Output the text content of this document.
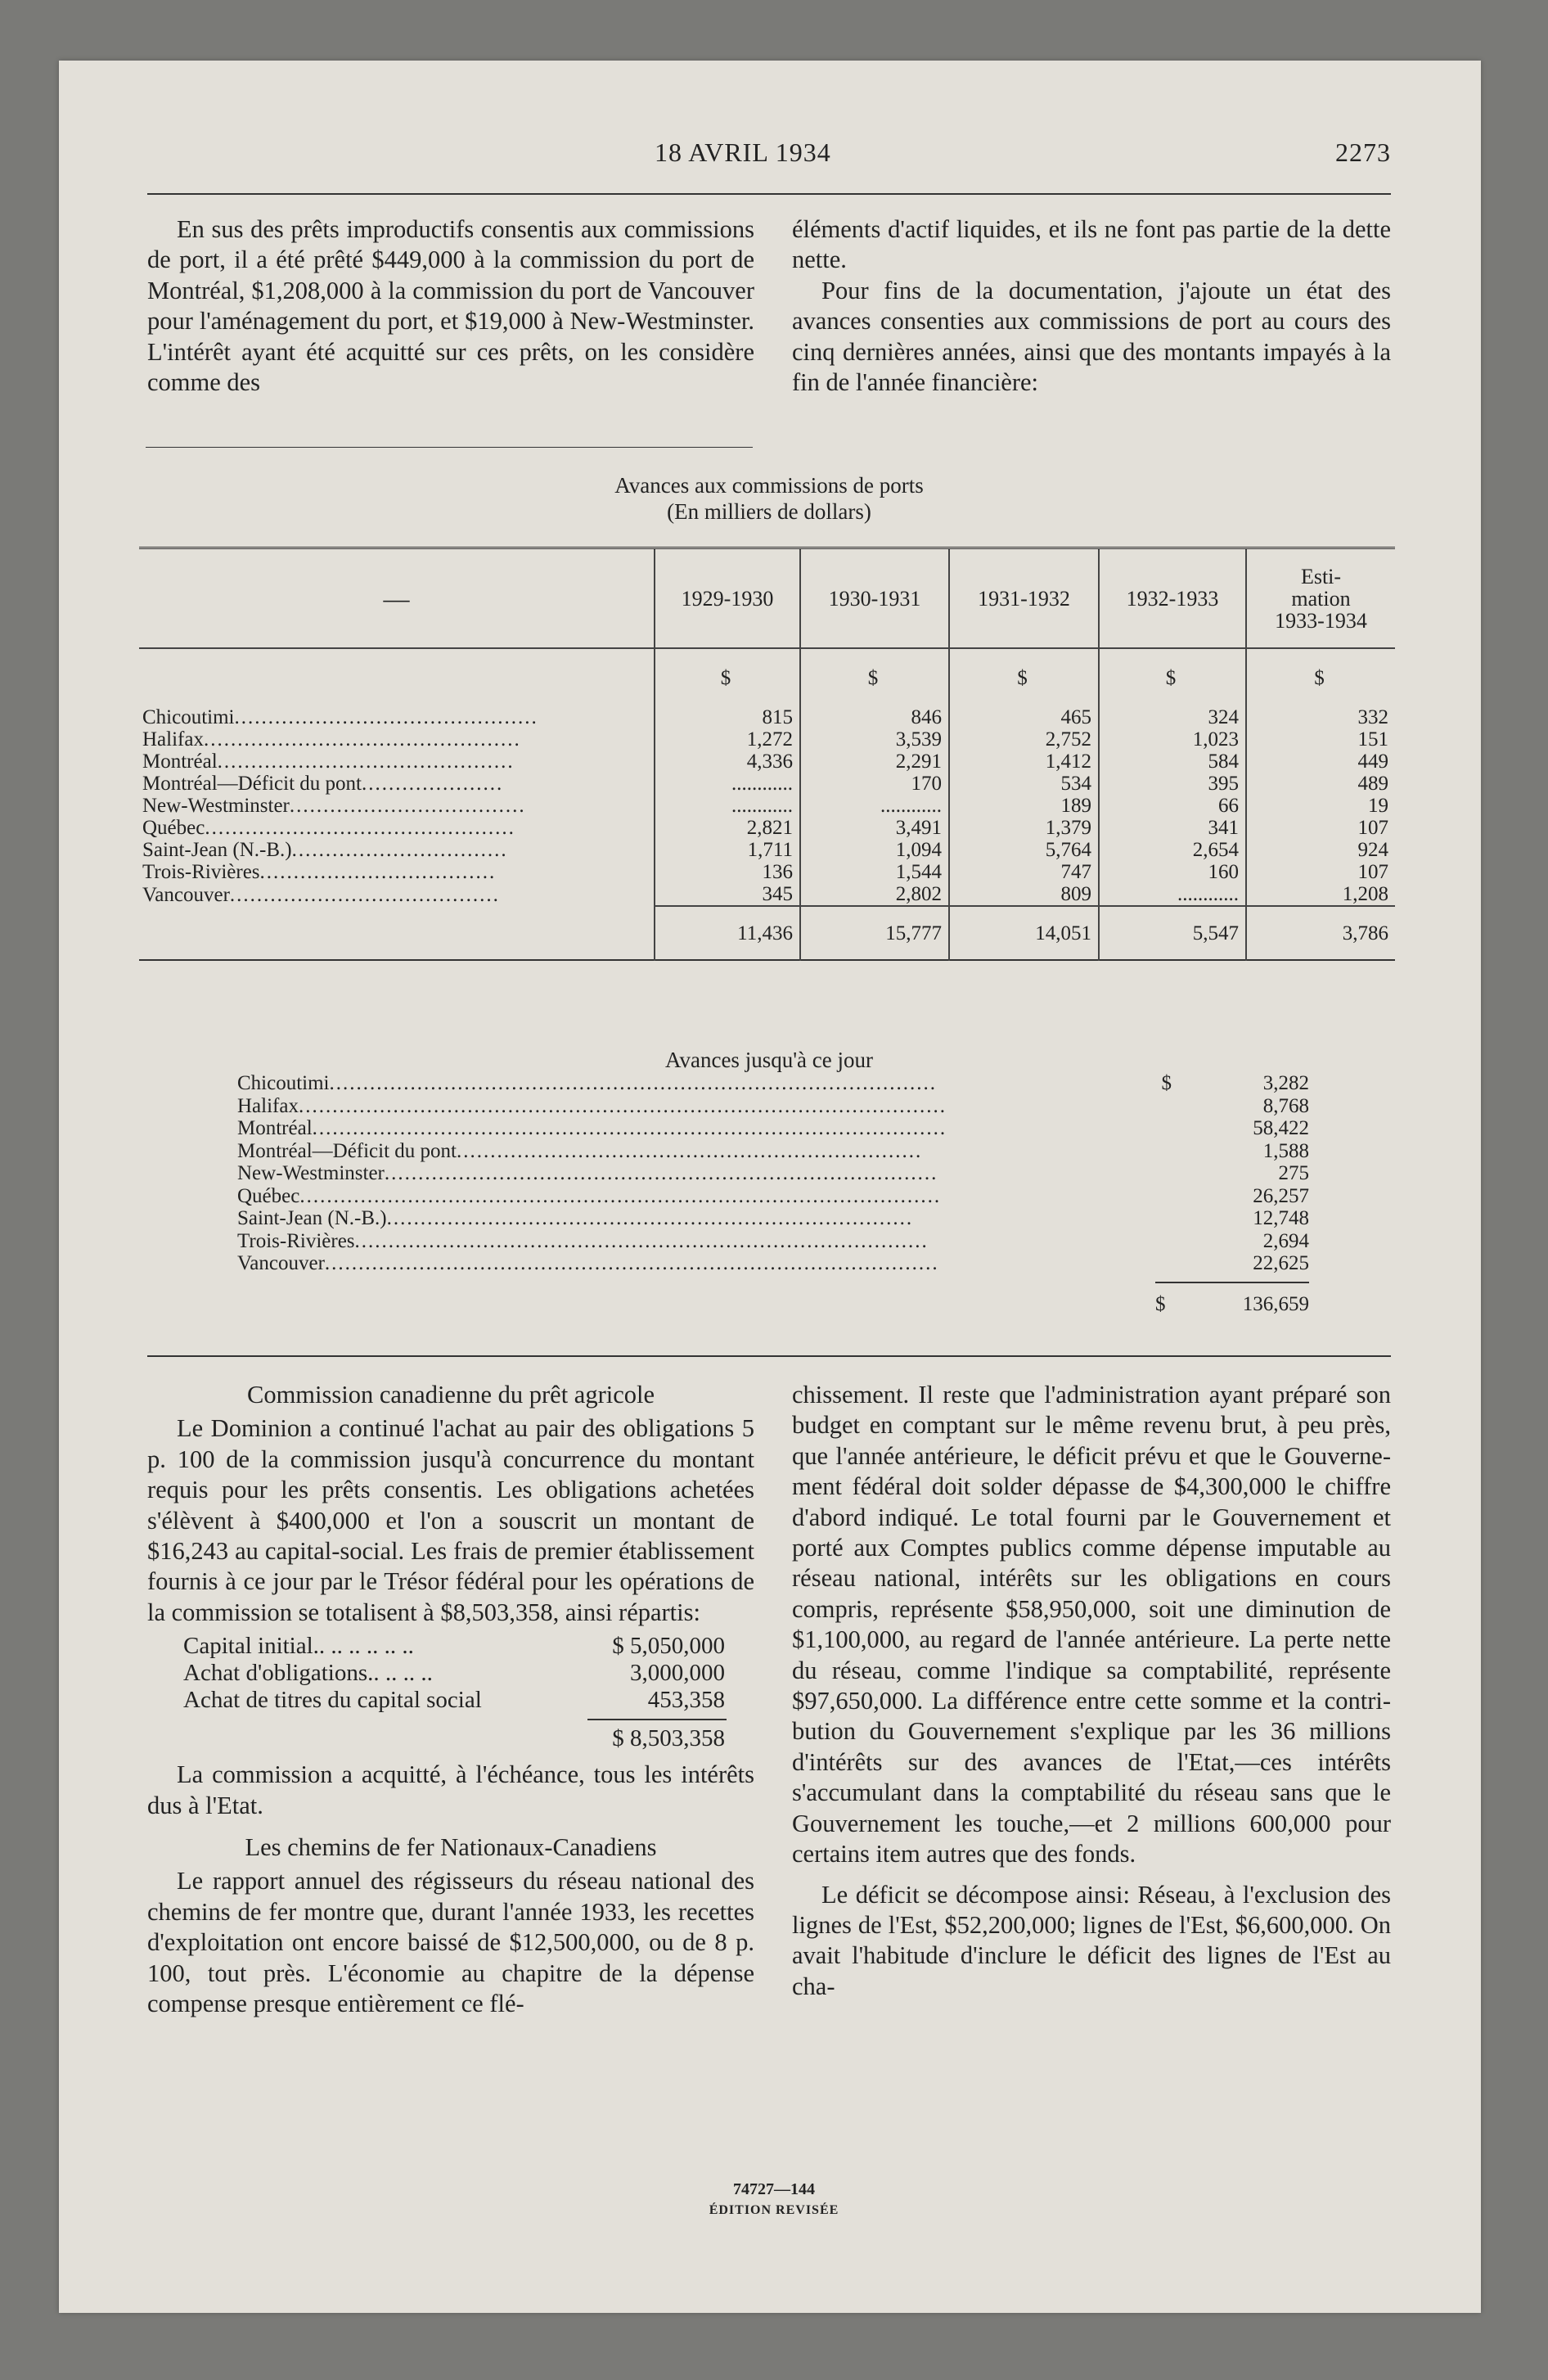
18 AVRIL 1934	2273

En sus des prêts improductifs consentis aux commissions de port, il a été prêté $449,000 à la commission du port de Montréal, $1,208,000 à la commission du port de Vancouver pour l'aménagement du port, et $19,000 à New-Westminster. L'intérêt ayant été acquitté sur ces prêts, on les considère comme des

éléments d'actif liquides, et ils ne font pas partie de la dette nette.

Pour fins de la documentation, j'ajoute un état des avances consenties aux commissions de port au cours des cinq dernières années, ainsi que des montants impayés à la fin de l'année financière:

Avances aux commissions de ports
(En milliers de dollars)
—	1929-1930	1930-1931	1931-1932	1932-1933	Esti-
mation
1933-1934
	$	$	$	$	$
Chicoutimi.............................................	815	846	465	324	332
Halifax...............................................	1,272	3,539	2,752	1,023	151
Montréal............................................	4,336	2,291	1,412	584	449
Montréal—Déficit du pont.....................	............	170	534	395	489
New-Westminster...................................	............	............	189	66	19
Québec..............................................	2,821	3,491	1,379	341	107
Saint-Jean (N.-B.)................................	1,711	1,094	5,764	2,654	924
Trois-Rivières...................................	136	1,544	747	160	107
Vancouver........................................	345	2,802	809	............	1,208
	11,436	15,777	14,051	5,547	3,786
Avances jusqu'à ce jour
Chicoutimi..........................................................................................	$	3,282
Halifax................................................................................................	8,768
Montréal..............................................................................................	58,422
Montréal—Déficit du pont.....................................................................	1,588
New-Westminster..................................................................................	275
Québec...............................................................................................	26,257
Saint-Jean (N.-B.)..............................................................................	12,748
Trois-Rivières.....................................................................................	2,694
Vancouver...........................................................................................	22,625
$	136,659

Commission canadienne du prêt agricole

Le Dominion a continué l'achat au pair des obligations 5 p. 100 de la commission jusqu'à concurrence du montant requis pour les prêts consentis. Les obligations achetées s'élèvent à $400,000 et l'on a souscrit un montant de $16,243 au capital-social. Les frais de premier établissement fournis à ce jour par le Trésor fédéral pour les opérations de la commission se totalisent à $8,503,358, ainsi répartis:

Capital initial.. .. .. .. .. ..	$ 5,050,000
Achat d'obligations.. .. .. ..	3,000,000
Achat de titres du capital social	453,358
$ 8,503,358

La commission a acquitté, à l'échéance, tous les intérêts dus à l'Etat.

Les chemins de fer Nationaux-Canadiens

Le rapport annuel des régisseurs du réseau national des chemins de fer montre que, durant l'année 1933, les recettes d'exploitation ont encore baissé de $12,500,000, ou de 8 p. 100, tout près. L'économie au chapitre de la dépense compense presque entièrement ce flé-

chissement. Il reste que l'administration ayant préparé son budget en comptant sur le même revenu brut, à peu près, que l'année antérieure, le déficit prévu et que le Gouvernement fédéral doit solder dépasse de $4,300,000 le chiffre d'abord indiqué. Le total fourni par le Gouvernement et porté aux Comptes publics comme dépense imputable au réseau national, intérêts sur les obligations en cours compris, représente $58,950,000, soit une diminution de $1,100,000, au regard de l'année antérieure. La perte nette du réseau, comme l'indique sa comptabilité, représente $97,650,000. La différence entre cette somme et la contribution du Gouvernement s'explique par les 36 millions d'intérêts sur des avances de l'Etat,—ces intérêts s'accumulant dans la comptabilité du réseau sans que le Gouvernement les touche,—et 2 millions 600,000 pour certains item autres que des fonds.

Le déficit se décompose ainsi: Réseau, à l'exclusion des lignes de l'Est, $52,200,000; lignes de l'Est, $6,600,000. On avait l'habitude d'inclure le déficit des lignes de l'Est au cha-

74727—144
ÉDITION REVISÉE
